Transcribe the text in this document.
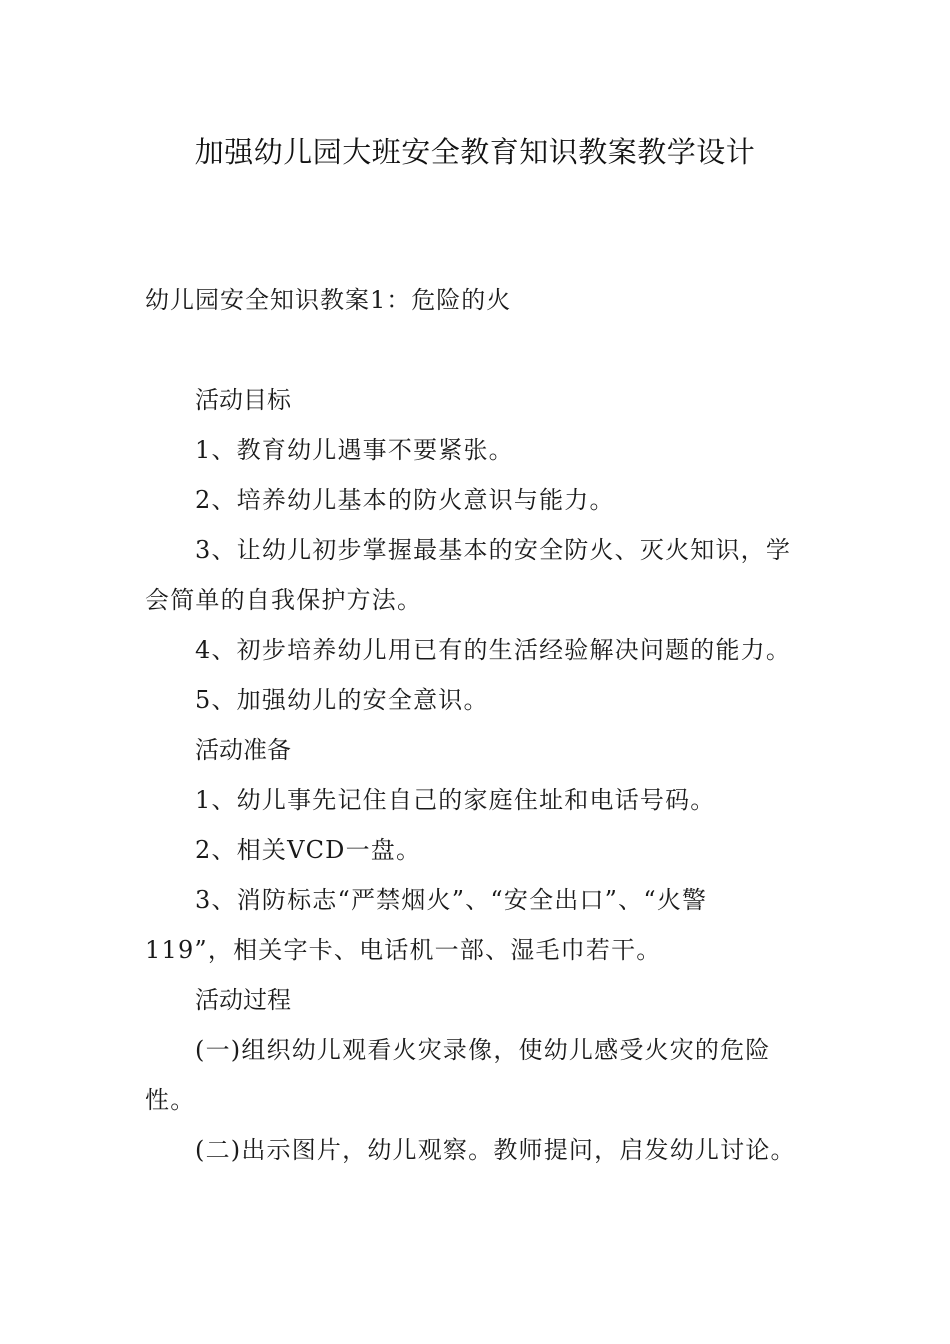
加强幼儿园大班安全教育知识教案教学设计
幼儿园安全知识教案1：危险的火
活动目标
1、教育幼儿遇事不要紧张。
2、培养幼儿基本的防火意识与能力。
3、让幼儿初步掌握最基本的安全防火、灭火知识，学
会简单的自我保护方法。
4、初步培养幼儿用已有的生活经验解决问题的能力。
5、加强幼儿的安全意识。
活动准备
1、幼儿事先记住自己的家庭住址和电话号码。
2、相关VCD一盘。
3、消防标志“严禁烟火”、“安全出口”、“火警
119”，相关字卡、电话机一部、湿毛巾若干。
活动过程
(一)组织幼儿观看火灾录像，使幼儿感受火灾的危险
性。
(二)出示图片，幼儿观察。教师提问，启发幼儿讨论。
